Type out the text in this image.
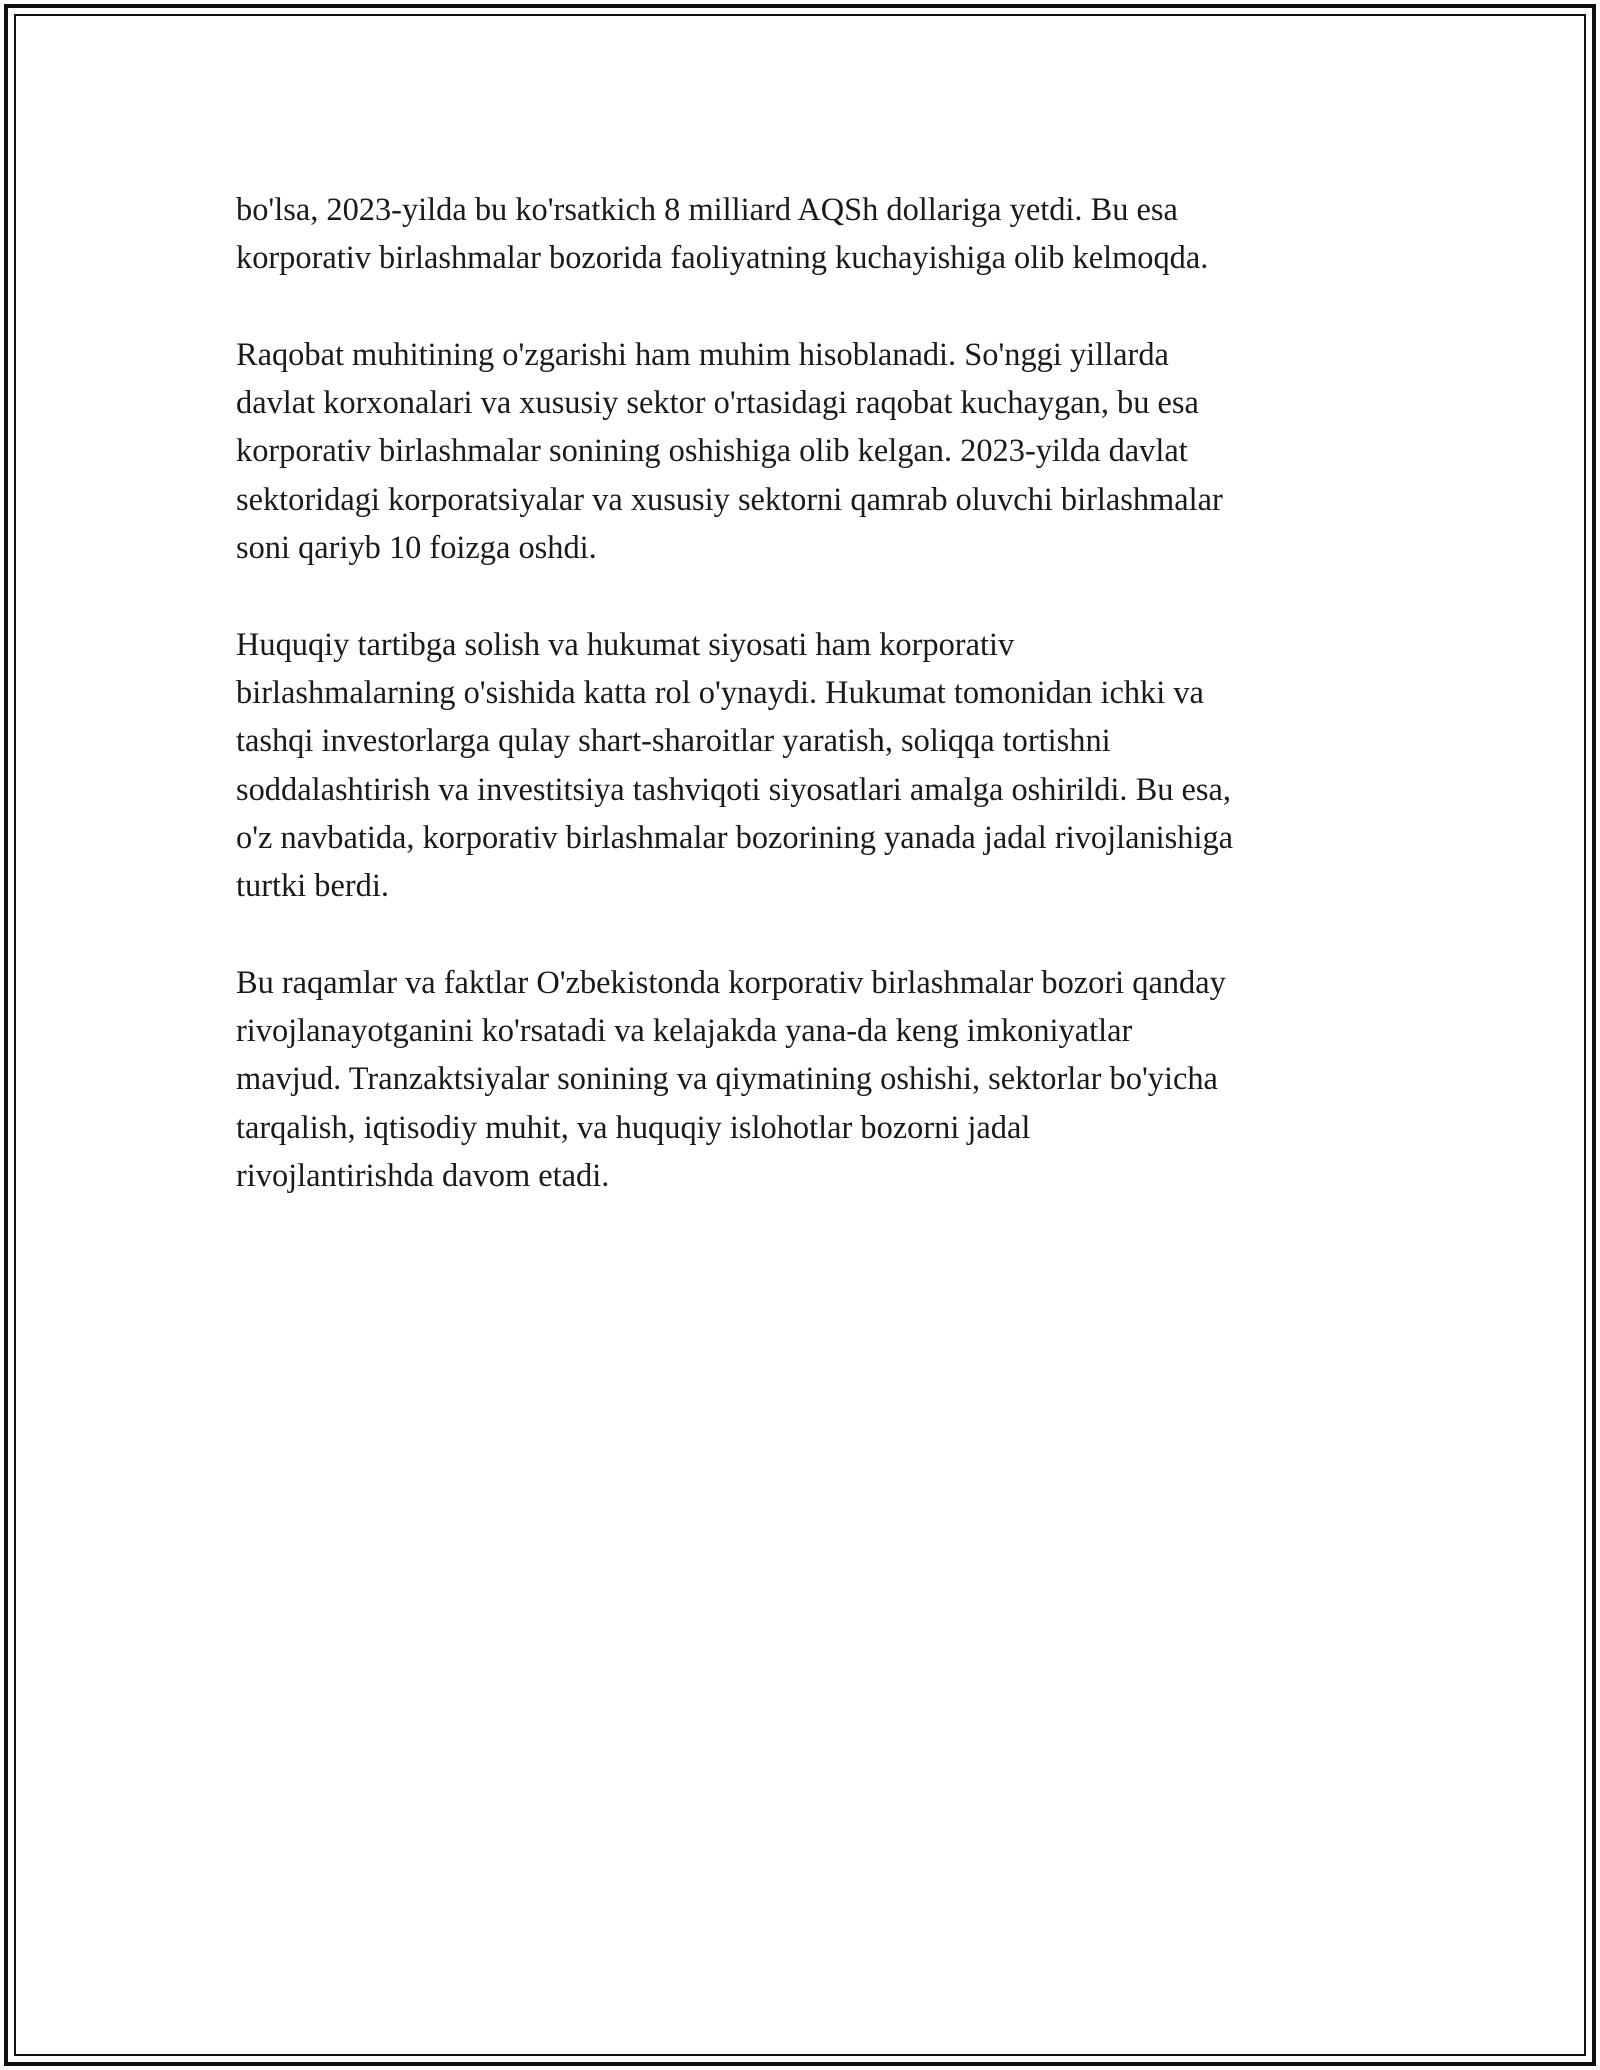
bo'lsa, 2023-yilda bu ko'rsatkich 8 milliard AQSh dollariga yetdi. Bu esa
korporativ birlashmalar bozorida faoliyatning kuchayishiga olib kelmoqda.

Raqobat muhitining o'zgarishi ham muhim hisoblanadi. So'nggi yillarda
davlat korxonalari va xususiy sektor o'rtasidagi raqobat kuchaygan, bu esa
korporativ birlashmalar sonining oshishiga olib kelgan. 2023-yilda davlat
sektoridagi korporatsiyalar va xususiy sektorni qamrab oluvchi birlashmalar
soni qariyb 10 foizga oshdi.

Huquqiy tartibga solish va hukumat siyosati ham korporativ
birlashmalarning o'sishida katta rol o'ynaydi. Hukumat tomonidan ichki va
tashqi investorlarga qulay shart-sharoitlar yaratish, soliqqa tortishni
soddalashtirish va investitsiya tashviqoti siyosatlari amalga oshirildi. Bu esa,
o'z navbatida, korporativ birlashmalar bozorining yanada jadal rivojlanishiga
turtki berdi.

Bu raqamlar va faktlar O'zbekistonda korporativ birlashmalar bozori qanday
rivojlanayotganini ko'rsatadi va kelajakda yana-da keng imkoniyatlar
mavjud. Tranzaktsiyalar sonining va qiymatining oshishi, sektorlar bo'yicha
tarqalish, iqtisodiy muhit, va huquqiy islohotlar bozorni jadal
rivojlantirishda davom etadi.
